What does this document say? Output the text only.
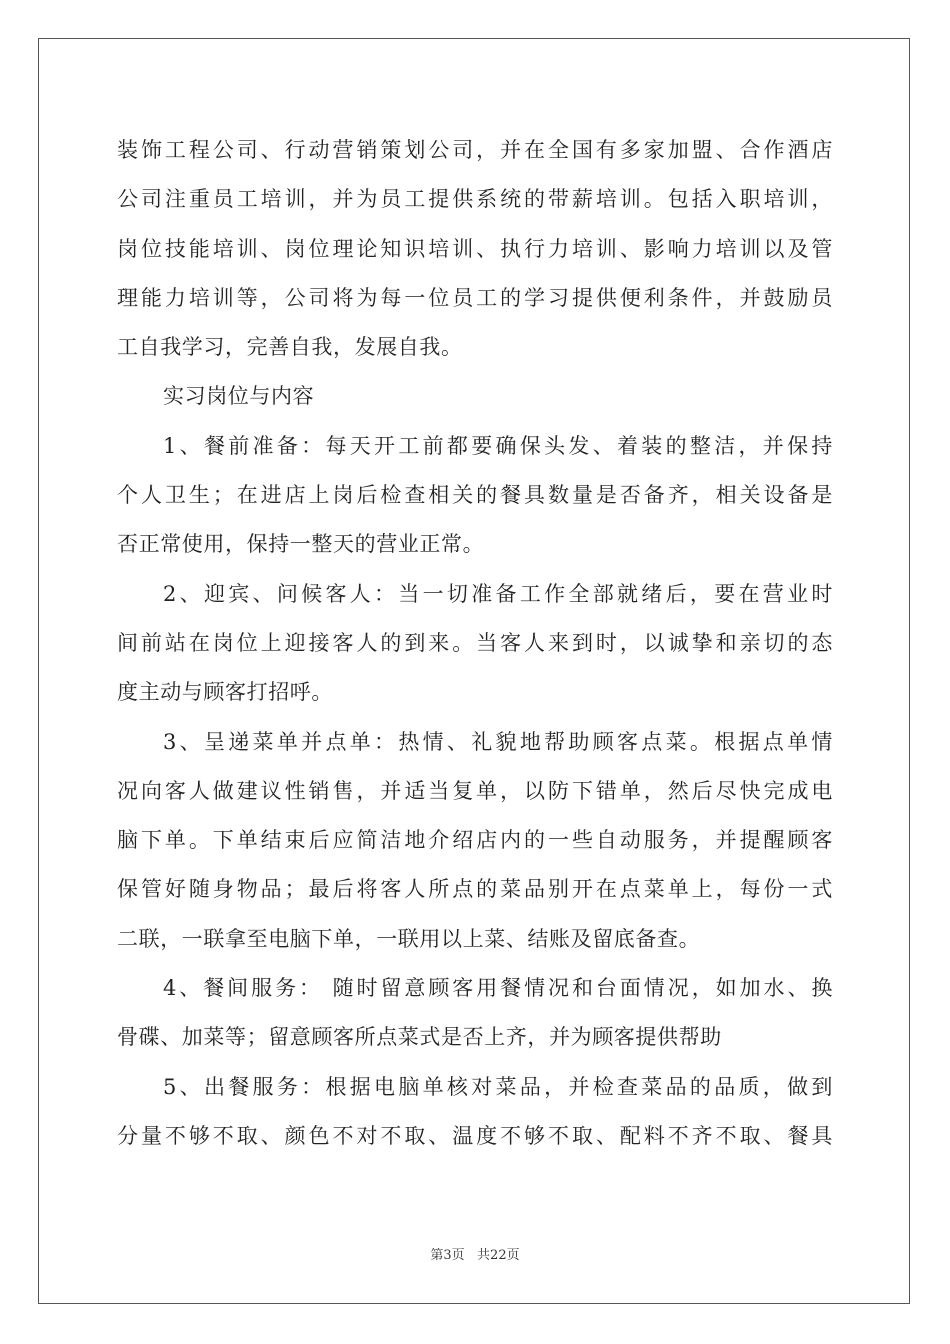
装饰工程公司、行动营销策划公司，并在全国有多家加盟、合作酒店
公司注重员工培训，并为员工提供系统的带薪培训。包括入职培训，
岗位技能培训、岗位理论知识培训、执行力培训、影响力培训以及管
理能力培训等，公司将为每一位员工的学习提供便利条件，并鼓励员
工自我学习，完善自我，发展自我。
实习岗位与内容
1、餐前准备：每天开工前都要确保头发、着装的整洁，并保持
个人卫生；在进店上岗后检查相关的餐具数量是否备齐，相关设备是
否正常使用，保持一整天的营业正常。
2、迎宾、问候客人：当一切准备工作全部就绪后，要在营业时
间前站在岗位上迎接客人的到来。当客人来到时，以诚挚和亲切的态
度主动与顾客打招呼。
3、呈递菜单并点单：热情、礼貌地帮助顾客点菜。根据点单情
况向客人做建议性销售，并适当复单，以防下错单，然后尽快完成电
脑下单。下单结束后应简洁地介绍店内的一些自动服务，并提醒顾客
保管好随身物品；最后将客人所点的菜品别开在点菜单上，每份一式
二联，一联拿至电脑下单，一联用以上菜、结账及留底备查。
4、餐间服务： 随时留意顾客用餐情况和台面情况，如加水、换
骨碟、加菜等；留意顾客所点菜式是否上齐，并为顾客提供帮助
5、出餐服务：根据电脑单核对菜品，并检查菜品的品质，做到
分量不够不取、颜色不对不取、温度不够不取、配料不齐不取、餐具
第3页   共22页
